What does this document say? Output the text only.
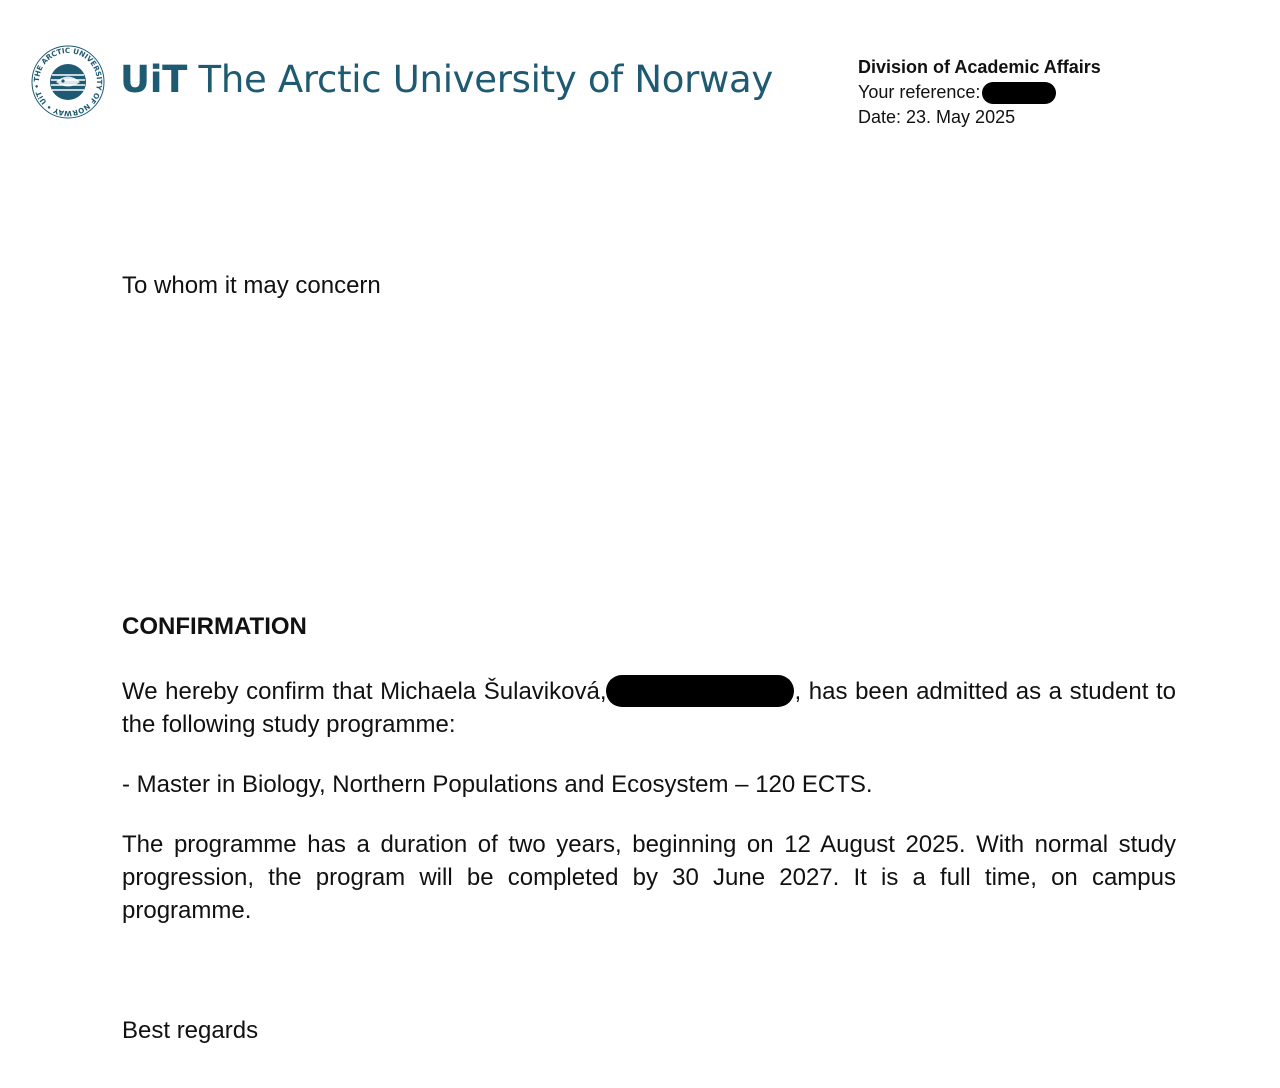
THE ARCTIC UNIVERSITY OF NORWAY • UiT •	UiT The Arctic University of Norway	Division of Academic Affairs
Your reference:
Date: 23. May 2025
To whom it may concern
CONFIRMATION
We hereby confirm that Michaela Šulaviková,	, has been admitted as a student to the following study programme:
- Master in Biology, Northern Populations and Ecosystem – 120 ECTS.
The programme has a duration of two years, beginning on 12 August 2025. With normal study progression, the program will be completed by 30 June 2027. It is a full time, on campus programme.
Best regards
